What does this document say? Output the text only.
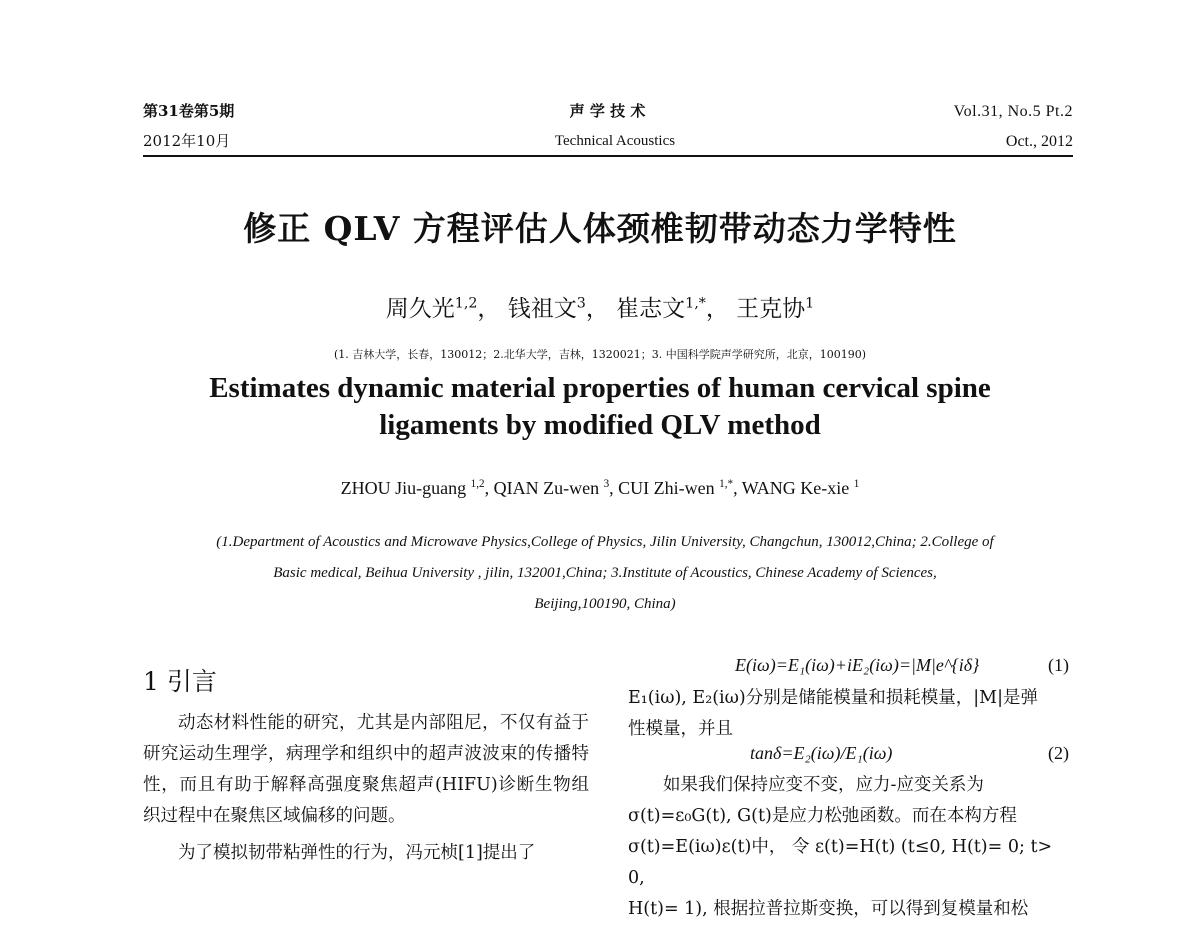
第31卷第5期
2012年10月
声 学 技 术
Technical Acoustics
Vol.31, No.5 Pt.2
Oct., 2012
修正 QLV 方程评估人体颈椎韧带动态力学特性
周久光$^{1,2}$， 钱祖文$^3$， 崔志文$^{1,*}$， 王克协$^1$
(1. 吉林大学，长春，130012；2.北华大学，吉林，1320021；3. 中国科学院声学研究所，北京，100190)
Estimates dynamic material properties of human cervical spine
ligaments by modified QLV method
ZHOU Jiu-guang $^{1,2}$, QIAN Zu-wen $^3$, CUI Zhi-wen $^{1,*}$, WANG Ke-xie $^1$
(1.Department of Acoustics and Microwave Physics,College of Physics, Jilin University, Changchun, 130012,China; 2.College of
Basic medical, Beihua University , jilin, 132001,China; 3.Institute of Acoustics, Chinese Academy of Sciences,
Beijing,100190, China)
1 引言

动态材料性能的研究，尤其是内部阻尼，不仅有益于研究运动生理学，病理学和组织中的超声波波束的传播特性，而且有助于解释高强度聚焦超声(HIFU)诊断生物组织过程中在聚焦区域偏移的问题。

为了模拟韧带粘弹性的行为，冯元桢[1]提出了

E(iω)=E₁(iω)+iE₂(iω)=|M|e^{iδ}	(1)
E₁(iω), E₂(iω)分别是储能模量和损耗模量，|M|是弹
性模量，并且
tanδ=E₂(iω)/E₁(iω)	(2)
如果我们保持应变不变，应力-应变关系为
σ(t)=ε₀G(t), G(t)是应力松弛函数。而在本构方程
σ(t)=E(iω)ε(t)中， 令 ε(t)=H(t) (t≤0, H(t)= 0; t> 0,
H(t)= 1), 根据拉普拉斯变换，可以得到复模量和松
